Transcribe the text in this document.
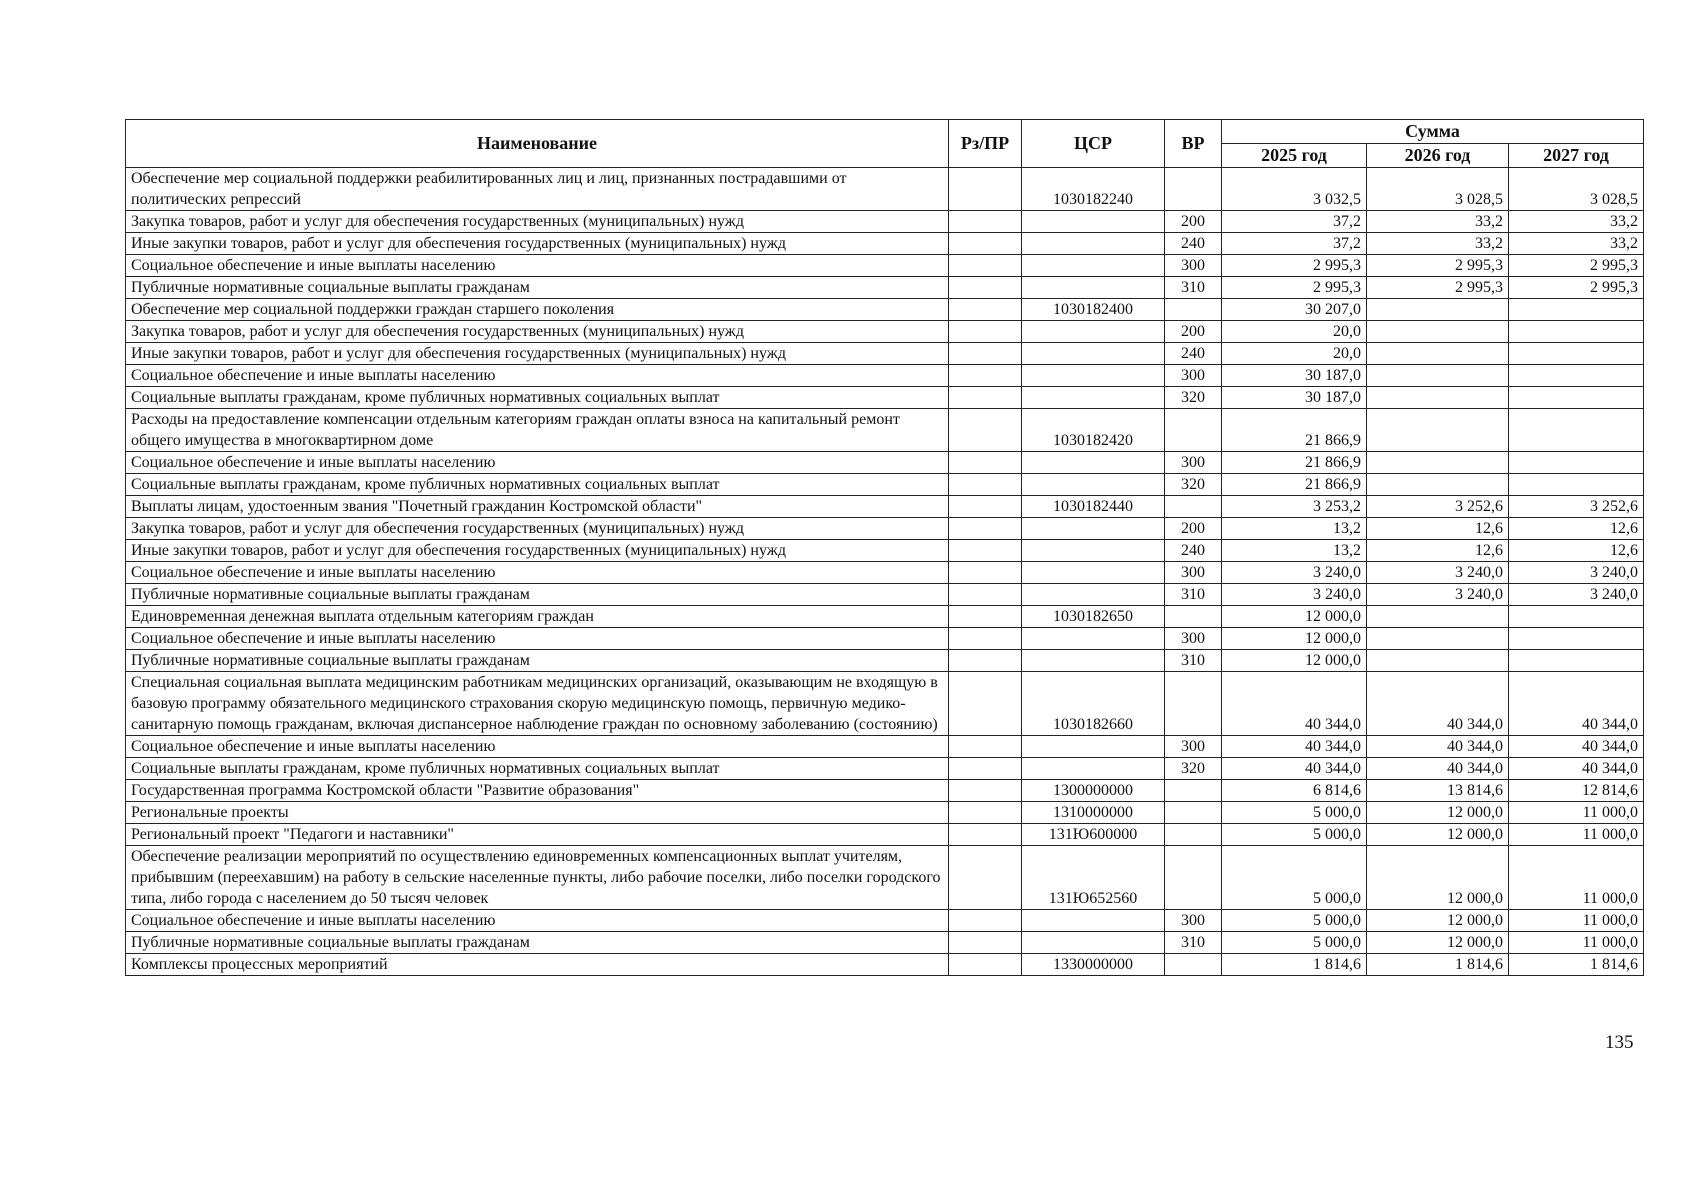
Наименование	Рз/ПР	ЦСР	ВР	Сумма		
				2025 год	2026 год	2027 год
Обеспечение мер социальной поддержки реабилитированных лиц и лиц, признанных пострадавшими от политических репрессий		1030182240		3 032,5	3 028,5	3 028,5
Закупка товаров, работ и услуг для обеспечения государственных (муниципальных) нужд			200	37,2	33,2	33,2
Иные закупки товаров, работ и услуг для обеспечения государственных (муниципальных) нужд			240	37,2	33,2	33,2
Социальное обеспечение и иные выплаты населению			300	2 995,3	2 995,3	2 995,3
Публичные нормативные социальные выплаты гражданам			310	2 995,3	2 995,3	2 995,3
Обеспечение мер социальной поддержки граждан старшего поколения		1030182400		30 207,0		
Закупка товаров, работ и услуг для обеспечения государственных (муниципальных) нужд			200	20,0		
Иные закупки товаров, работ и услуг для обеспечения государственных (муниципальных) нужд			240	20,0		
Социальное обеспечение и иные выплаты населению			300	30 187,0		
Социальные выплаты гражданам, кроме публичных нормативных социальных выплат			320	30 187,0		
Расходы на предоставление компенсации отдельным категориям граждан оплаты взноса на капитальный ремонт общего имущества в многоквартирном доме		1030182420		21 866,9		
Социальное обеспечение и иные выплаты населению			300	21 866,9		
Социальные выплаты гражданам, кроме публичных нормативных социальных выплат			320	21 866,9		
Выплаты лицам, удостоенным звания "Почетный гражданин Костромской области"		1030182440		3 253,2	3 252,6	3 252,6
Закупка товаров, работ и услуг для обеспечения государственных (муниципальных) нужд			200	13,2	12,6	12,6
Иные закупки товаров, работ и услуг для обеспечения государственных (муниципальных) нужд			240	13,2	12,6	12,6
Социальное обеспечение и иные выплаты населению			300	3 240,0	3 240,0	3 240,0
Публичные нормативные социальные выплаты гражданам			310	3 240,0	3 240,0	3 240,0
Единовременная денежная выплата отдельным категориям граждан		1030182650		12 000,0		
Социальное обеспечение и иные выплаты населению			300	12 000,0		
Публичные нормативные социальные выплаты гражданам			310	12 000,0		
Специальная социальная выплата медицинским работникам медицинских организаций, оказывающим не входящую в базовую программу обязательного медицинского страхования скорую медицинскую помощь, первичную медико-санитарную помощь гражданам, включая диспансерное наблюдение граждан по основному заболеванию (состоянию)		1030182660		40 344,0	40 344,0	40 344,0
Социальное обеспечение и иные выплаты населению			300	40 344,0	40 344,0	40 344,0
Социальные выплаты гражданам, кроме публичных нормативных социальных выплат			320	40 344,0	40 344,0	40 344,0
Государственная программа Костромской области "Развитие образования"		1300000000		6 814,6	13 814,6	12 814,6
Региональные проекты		1310000000		5 000,0	12 000,0	11 000,0
Региональный проект "Педагоги и наставники"		131Ю600000		5 000,0	12 000,0	11 000,0
Обеспечение реализации мероприятий по осуществлению единовременных компенсационных выплат учителям, прибывшим (переехавшим) на работу в сельские населенные пункты, либо рабочие поселки, либо поселки городского типа, либо города с населением до 50 тысяч человек		131Ю652560		5 000,0	12 000,0	11 000,0
Социальное обеспечение и иные выплаты населению			300	5 000,0	12 000,0	11 000,0
Публичные нормативные социальные выплаты гражданам			310	5 000,0	12 000,0	11 000,0
Комплексы процессных мероприятий		1330000000		1 814,6	1 814,6	1 814,6
135
